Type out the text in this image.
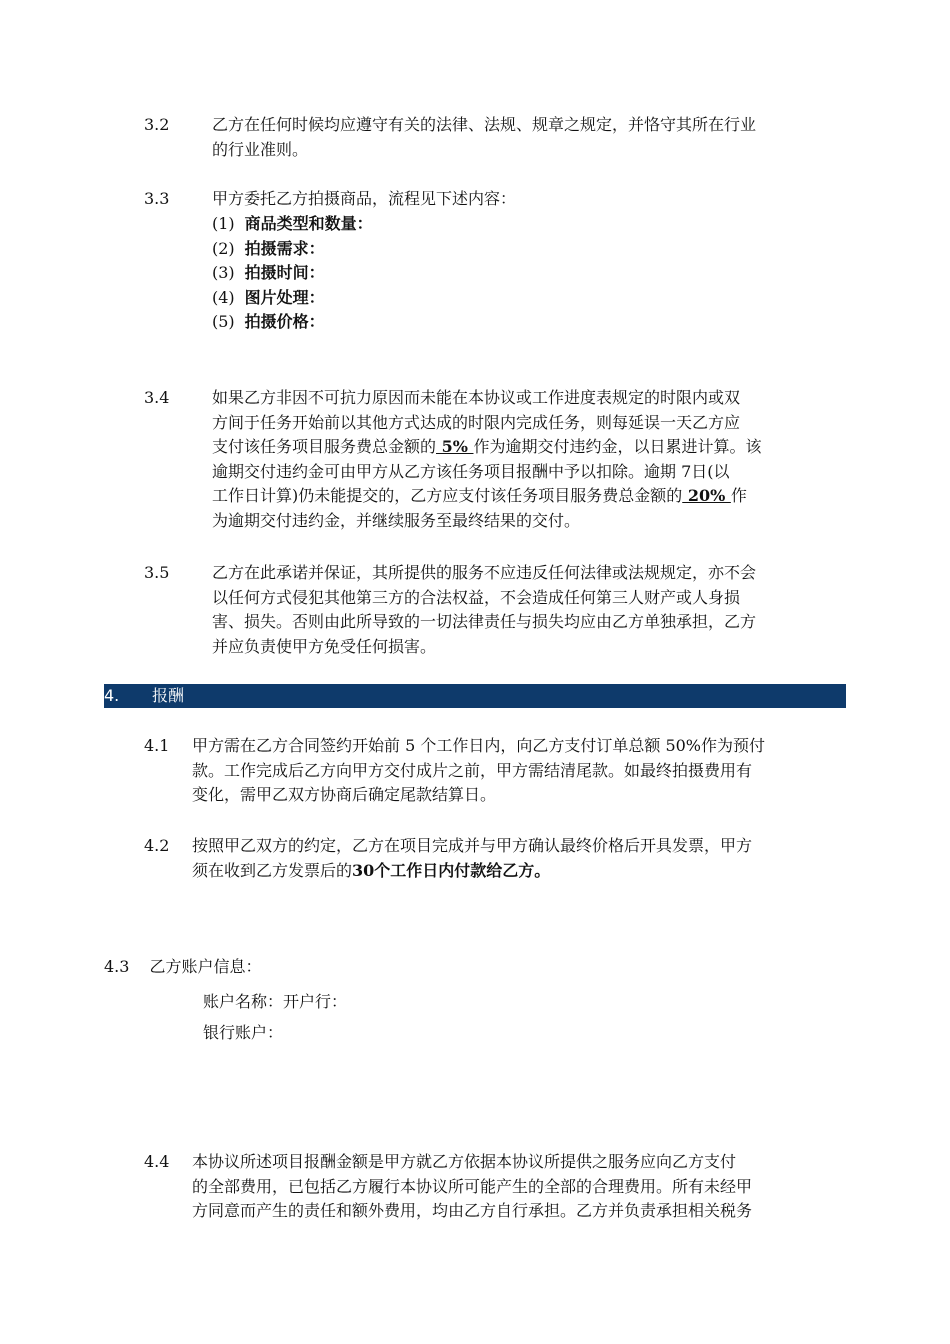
3.2	乙方在任何时候均应遵守有关的法律、法规、规章之规定，并恪守其所在行业
的行业准则。
3.3	甲方委托乙方拍摄商品，流程见下述内容：
(1) 商品类型和数量：
(2) 拍摄需求：
(3) 拍摄时间：
(4) 图片处理：
(5) 拍摄价格：
3.4	如果乙方非因不可抗力原因而未能在本协议或工作进度表规定的时限内或双
方间于任务开始前以其他方式达成的时限内完成任务，则每延误一天乙方应
支付该任务项目服务费总金额的 5% 作为逾期交付违约金，以日累进计算。该
逾期交付违约金可由甲方从乙方该任务项目报酬中予以扣除。逾期 7日(以
工作日计算)仍未能提交的，乙方应支付该任务项目服务费总金额的 20% 作
为逾期交付违约金，并继续服务至最终结果的交付。
3.5	乙方在此承诺并保证，其所提供的服务不应违反任何法律或法规规定，亦不会
以任何方式侵犯其他第三方的合法权益，不会造成任何第三人财产或人身损
害、损失。否则由此所导致的一切法律责任与损失均应由乙方单独承担，乙方
并应负责使甲方免受任何损害。
4. 报酬
4.1 甲方需在乙方合同签约开始前 5 个工作日内，向乙方支付订单总额 50%作为预付
款。工作完成后乙方向甲方交付成片之前，甲方需结清尾款。如最终拍摄费用有
变化，需甲乙双方协商后确定尾款结算日。
4.2 按照甲乙双方的约定，乙方在项目完成并与甲方确认最终价格后开具发票，甲方
须在收到乙方发票后的30个工作日内付款给乙方。
4.3 乙方账户信息：
账户名称：开户行：
银行账户：
4.4 本协议所述项目报酬金额是甲方就乙方依据本协议所提供之服务应向乙方支付
的全部费用，已包括乙方履行本协议所可能产生的全部的合理费用。所有未经甲
方同意而产生的责任和额外费用，均由乙方自行承担。乙方并负责承担相关税务
